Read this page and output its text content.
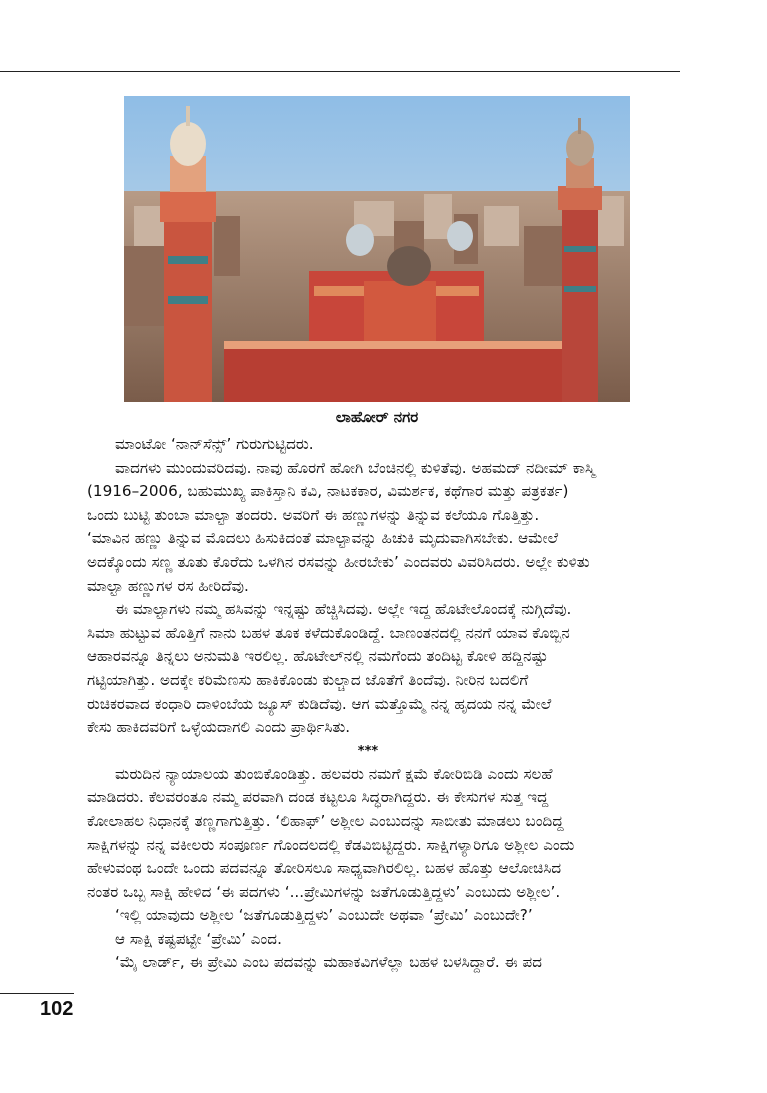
ಲಾಹೋರ್ ನಗರ

ಮಾಂಟೋ ‘ನಾನ್‌ಸೆನ್ಸ್’ ಗುರುಗುಟ್ಟಿದರು.

ವಾದಗಳು ಮುಂದುವರಿದವು. ನಾವು ಹೊರಗೆ ಹೋಗಿ ಬೆಂಚಿನಲ್ಲಿ ಕುಳಿತೆವು. ಅಹಮದ್ ನದೀಮ್ ಕಾಸ್ಮಿ

(1916–2006, ಬಹುಮುಖ್ಯ ಪಾಕಿಸ್ತಾನಿ ಕವಿ, ನಾಟಕಕಾರ, ವಿಮರ್ಶಕ, ಕಥೆಗಾರ ಮತ್ತು ಪತ್ರಕರ್ತ)

ಒಂದು ಬುಟ್ಟಿ ತುಂಬಾ ಮಾಲ್ಟಾ ತಂದರು. ಅವರಿಗೆ ಈ ಹಣ್ಣುಗಳನ್ನು ತಿನ್ನುವ ಕಲೆಯೂ ಗೊತ್ತಿತ್ತು.

‘ಮಾವಿನ ಹಣ್ಣು ತಿನ್ನುವ ಮೊದಲು ಹಿಸುಕಿದಂತೆ ಮಾಲ್ಟಾವನ್ನು ಹಿಚುಕಿ ಮೃದುವಾಗಿಸಬೇಕು. ಆಮೇಲೆ

ಅದಕ್ಕೊಂದು ಸಣ್ಣ ತೂತು ಕೊರೆದು ಒಳಗಿನ ರಸವನ್ನು ಹೀರಬೇಕು’ ಎಂದವರು ವಿವರಿಸಿದರು. ಅಲ್ಲೇ ಕುಳಿತು

ಮಾಲ್ಟಾ ಹಣ್ಣುಗಳ ರಸ ಹೀರಿದೆವು.

ಈ ಮಾಲ್ಟಾಗಳು ನಮ್ಮ ಹಸಿವನ್ನು ಇನ್ನಷ್ಟು ಹೆಚ್ಚಿಸಿದವು. ಅಲ್ಲೇ ಇದ್ದ ಹೊಟೇಲೊಂದಕ್ಕೆ ನುಗ್ಗಿದೆವು.

ಸಿಮಾ ಹುಟ್ಟುವ ಹೊತ್ತಿಗೆ ನಾನು ಬಹಳ ತೂಕ ಕಳೆದುಕೊಂಡಿದ್ದೆ. ಬಾಣಂತನದಲ್ಲಿ ನನಗೆ ಯಾವ ಕೊಬ್ಬಿನ

ಆಹಾರವನ್ನೂ ತಿನ್ನಲು ಅನುಮತಿ ಇರಲಿಲ್ಲ. ಹೊಟೇಲ್‌ನಲ್ಲಿ ನಮಗೆಂದು ತಂದಿಟ್ಟ ಕೋಳಿ ಹದ್ದಿನಷ್ಟು

ಗಟ್ಟಿಯಾಗಿತ್ತು. ಅದಕ್ಕೇ ಕರಿಮೆಣಸು ಹಾಕಿಕೊಂಡು ಕುಲ್ಚಾದ ಜೊತೆಗೆ ತಿಂದೆವು. ನೀರಿನ ಬದಲಿಗೆ

ರುಚಿಕರವಾದ ಕಂಧಾರಿ ದಾಳಿಂಬೆಯ ಜ್ಯೂಸ್ ಕುಡಿದೆವು. ಆಗ ಮತ್ತೊಮ್ಮೆ ನನ್ನ ಹೃದಯ ನನ್ನ ಮೇಲೆ

ಕೇಸು ಹಾಕಿದವರಿಗೆ ಒಳ್ಳೆಯದಾಗಲಿ ಎಂದು ಪ್ರಾರ್ಥಿಸಿತು.

***

ಮರುದಿನ ನ್ಯಾಯಾಲಯ ತುಂಬಿಕೊಂಡಿತ್ತು. ಹಲವರು ನಮಗೆ ಕ್ಷಮೆ ಕೋರಿಬಿಡಿ ಎಂದು ಸಲಹೆ

ಮಾಡಿದರು. ಕೆಲವರಂತೂ ನಮ್ಮ ಪರವಾಗಿ ದಂಡ ಕಟ್ಟಲೂ ಸಿದ್ಧರಾಗಿದ್ದರು. ಈ ಕೇಸುಗಳ ಸುತ್ತ ಇದ್ದ

ಕೋಲಾಹಲ ನಿಧಾನಕ್ಕೆ ತಣ್ಣಗಾಗುತ್ತಿತ್ತು. ‘ಲಿಹಾಫ್’ ಅಶ್ಲೀಲ ಎಂಬುದನ್ನು ಸಾಬೀತು ಮಾಡಲು ಬಂದಿದ್ದ

ಸಾಕ್ಷಿಗಳನ್ನು ನನ್ನ ವಕೀಲರು ಸಂಪೂರ್ಣ ಗೊಂದಲದಲ್ಲಿ ಕೆಡವಿಬಿಟ್ಟಿದ್ದರು. ಸಾಕ್ಷಿಗಳ್ಯಾರಿಗೂ ಅಶ್ಲೀಲ ಎಂದು

ಹೇಳುವಂಥ ಒಂದೇ ಒಂದು ಪದವನ್ನೂ ತೋರಿಸಲೂ ಸಾಧ್ಯವಾಗಿರಲಿಲ್ಲ. ಬಹಳ ಹೊತ್ತು ಆಲೋಚಿಸಿದ

ನಂತರ ಒಬ್ಬ ಸಾಕ್ಷಿ ಹೇಳಿದ ‘ಈ ಪದಗಳು ‘...ಪ್ರೇಮಿಗಳನ್ನು ಜತೆಗೂಡುತ್ತಿದ್ದಳು’ ಎಂಬುದು ಅಶ್ಲೀಲ’.

‘ಇಲ್ಲಿ ಯಾವುದು ಅಶ್ಲೀಲ ‘ಜತೆಗೂಡುತ್ತಿದ್ದಳು’ ಎಂಬುದೇ ಅಥವಾ ‘ಪ್ರೇಮಿ’ ಎಂಬುದೇ?’

ಆ ಸಾಕ್ಷಿ ಕಷ್ಟಪಟ್ಟೇ ‘ಪ್ರೇಮಿ’ ಎಂದ.

‘ಮೈ ಲಾರ್ಡ್, ಈ ಪ್ರೇಮಿ ಎಂಬ ಪದವನ್ನು ಮಹಾಕವಿಗಳೆಲ್ಲಾ ಬಹಳ ಬಳಸಿದ್ದಾರೆ. ಈ ಪದ

102
